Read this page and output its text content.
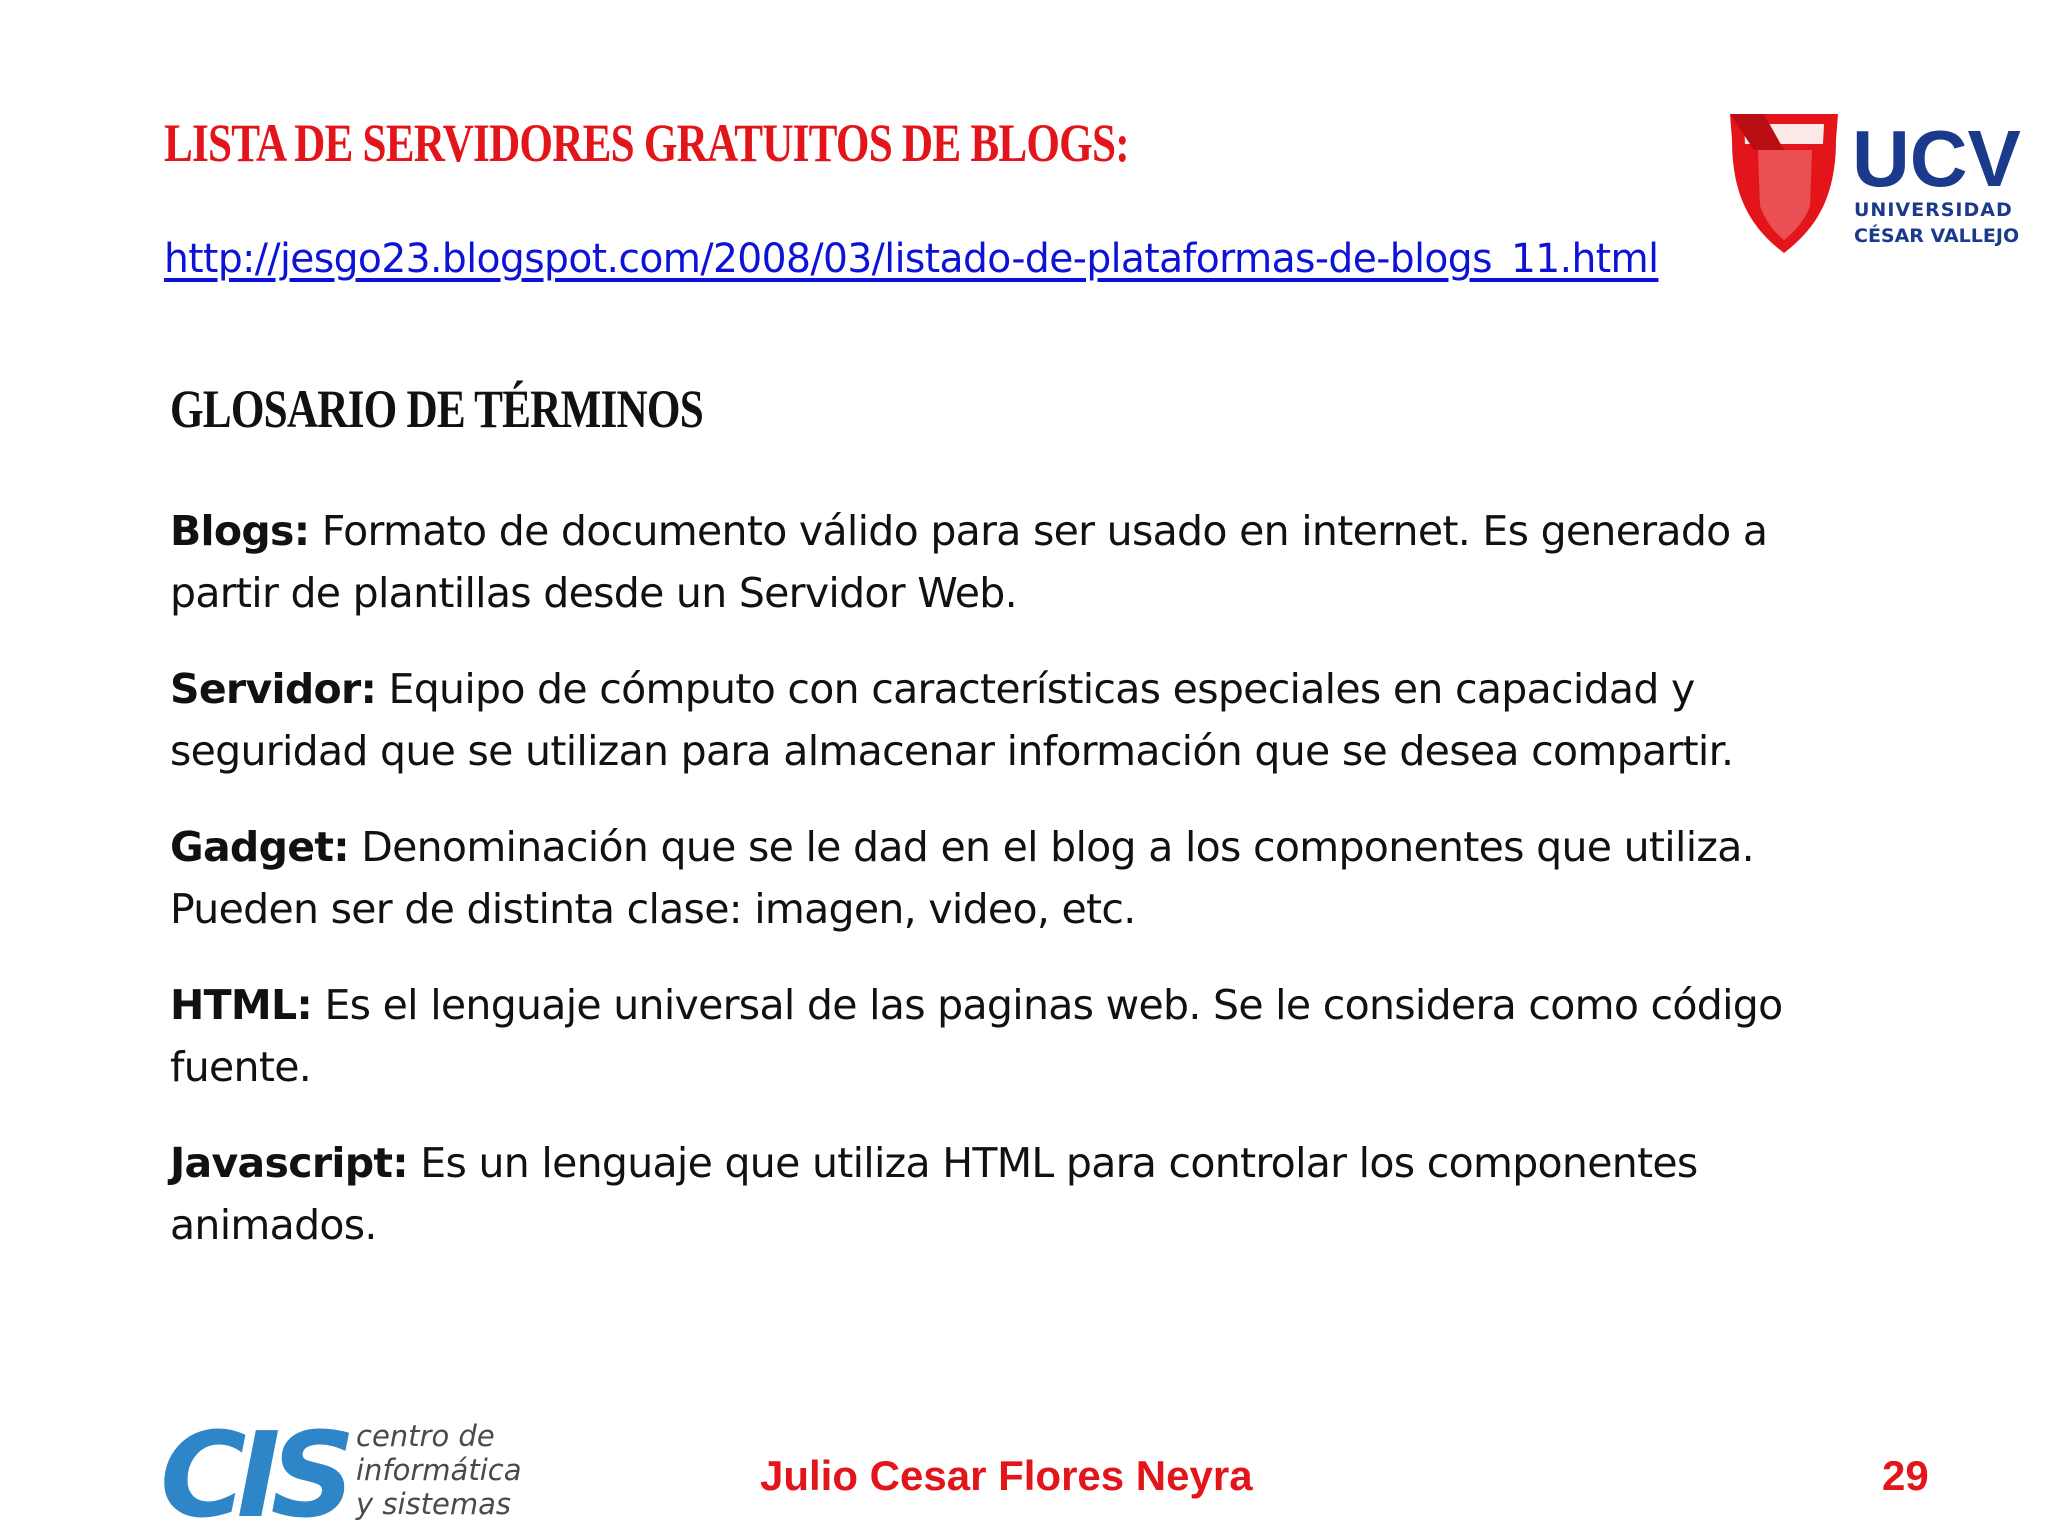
LISTA DE SERVIDORES GRATUITOS DE BLOGS:
http://jesgo23.blogspot.com/2008/03/listado-de-plataformas-de-blogs_11.html
GLOSARIO DE TÉRMINOS

Blogs: Formato de documento válido para ser usado en internet. Es generado a partir de plantillas desde un Servidor Web.

Servidor: Equipo de cómputo con características especiales en capacidad y seguridad que se utilizan para almacenar información que se desea compartir.

Gadget: Denominación que se le dad en el blog a los componentes que utiliza. Pueden ser de distinta clase: imagen, video, etc.

HTML: Es el lenguaje universal de las paginas web. Se le considera como código fuente.

Javascript: Es un lenguaje que utiliza HTML para controlar los componentes animados.

UCV
UNIVERSIDAD
CÉSAR VALLEJO
CIS centro de
informática
y sistemas
Julio Cesar Flores Neyra	29
